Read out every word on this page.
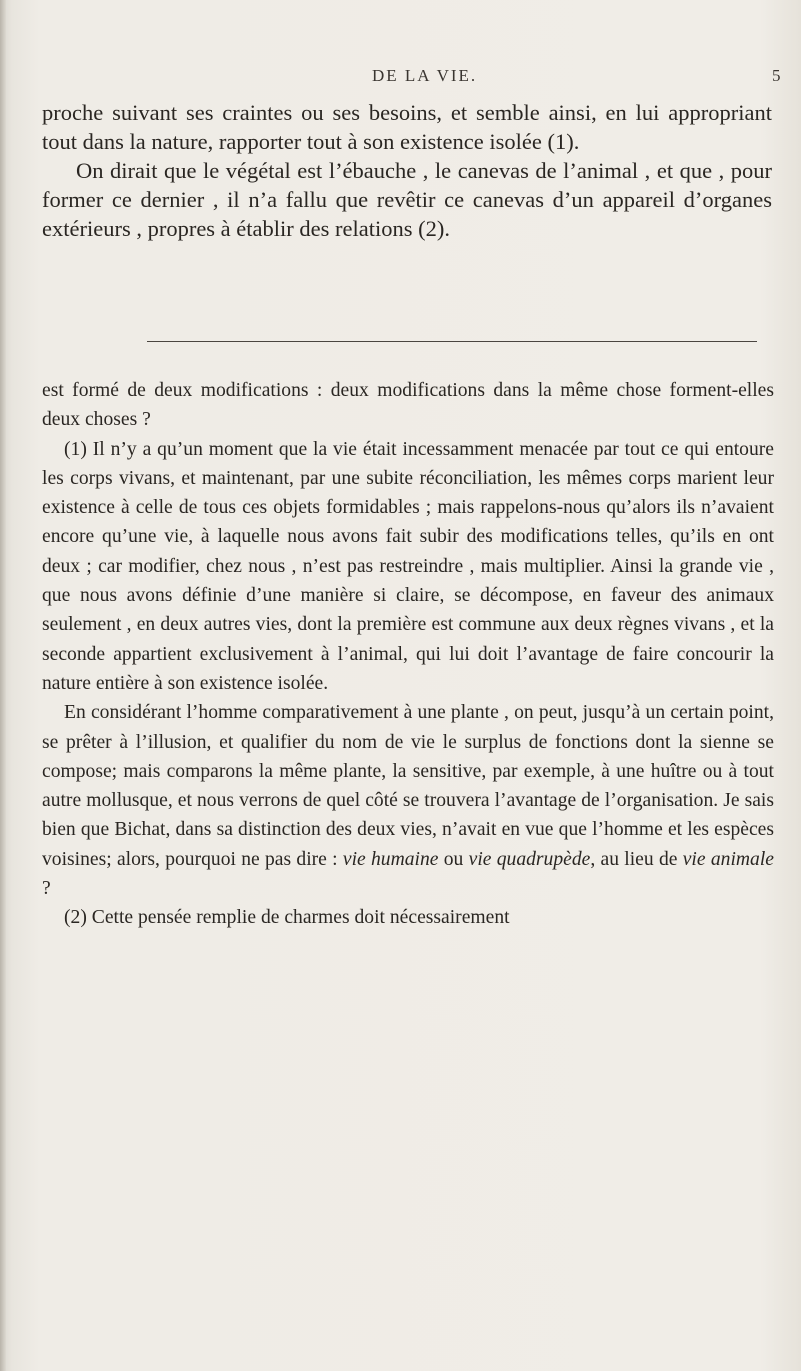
DE LA VIE.	5

proche suivant ses craintes ou ses besoins, et semble ainsi, en lui appropriant tout dans la nature, rapporter tout à son existence isolée (1).

On dirait que le végétal est l’ébauche , le canevas de l’animal , et que , pour former ce dernier , il n’a fallu que revêtir ce canevas d’un appareil d’organes extérieurs , propres à établir des relations (2).

est formé de deux modifications : deux modifications dans la même chose forment-elles deux choses ?

(1) Il n’y a qu’un moment que la vie était incessamment menacée par tout ce qui entoure les corps vivans, et maintenant, par une subite réconciliation, les mêmes corps marient leur existence à celle de tous ces objets formidables ; mais rappelons-nous qu’alors ils n’avaient encore qu’une vie, à laquelle nous avons fait subir des modifications telles, qu’ils en ont deux ; car modifier, chez nous , n’est pas restreindre , mais multiplier. Ainsi la grande vie , que nous avons définie d’une manière si claire, se décompose, en faveur des animaux seulement , en deux autres vies, dont la première est commune aux deux règnes vivans , et la seconde appartient exclusivement à l’animal, qui lui doit l’avantage de faire concourir la nature entière à son existence isolée.

En considérant l’homme comparativement à une plante , on peut, jusqu’à un certain point, se prêter à l’illusion, et qualifier du nom de vie le surplus de fonctions dont la sienne se compose; mais comparons la même plante, la sensitive, par exemple, à une huître ou à tout autre mollusque, et nous verrons de quel côté se trouvera l’avantage de l’organisation. Je sais bien que Bichat, dans sa distinction des deux vies, n’avait en vue que l’homme et les espèces voisines; alors, pourquoi ne pas dire : vie humaine ou vie quadrupède, au lieu de vie animale ?

(2) Cette pensée remplie de charmes doit nécessairement
